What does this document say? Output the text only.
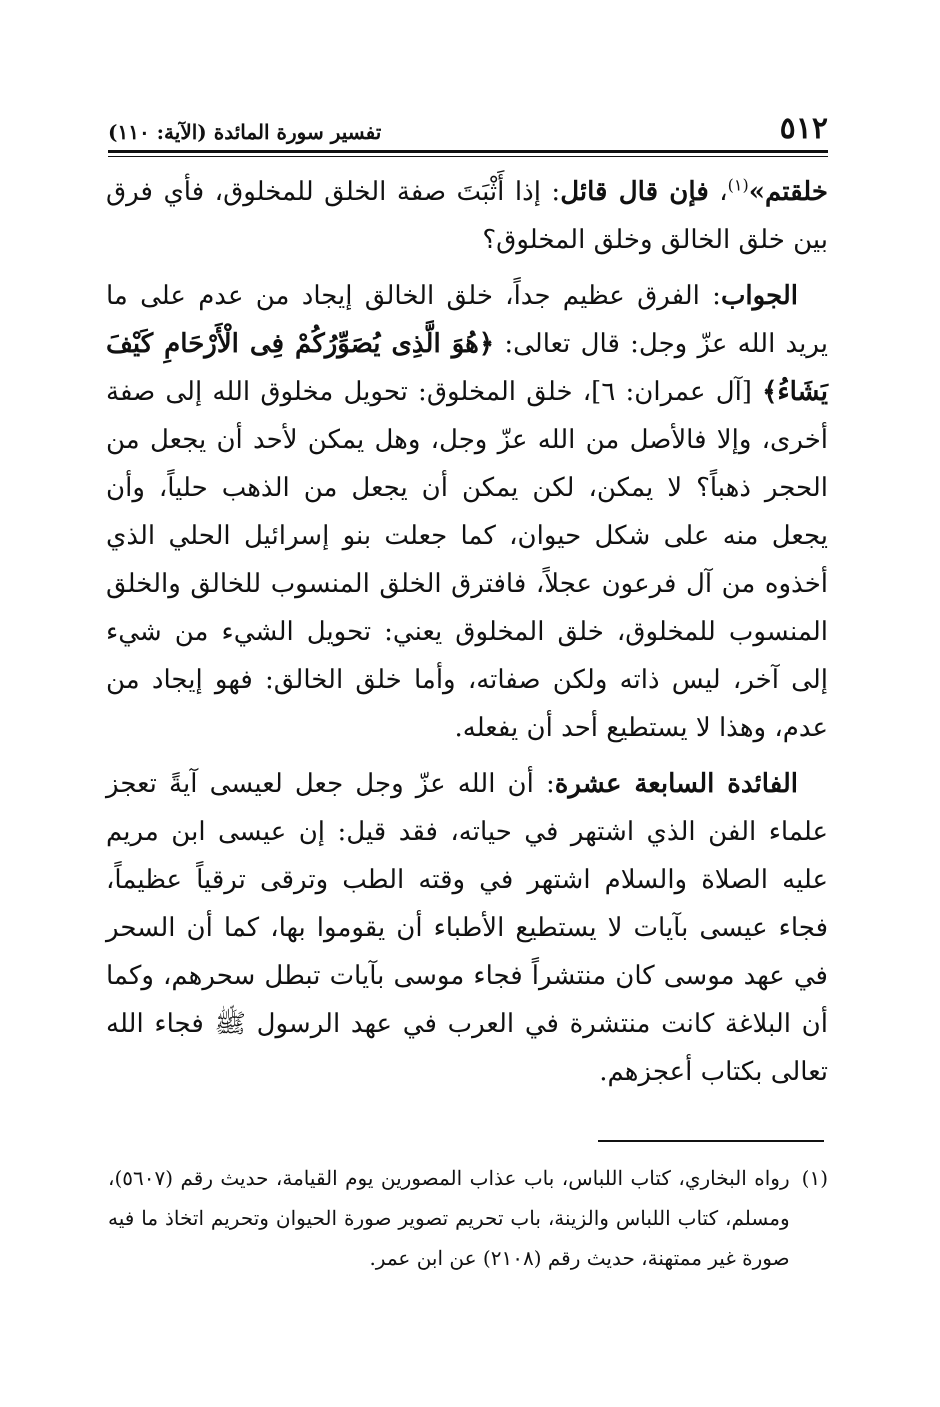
٥١٢
تفسير سورة المائدة (الآية: ١١٠)

خلقتم»$^{(١)}$، فإن قال قائل: إذا أَثْبَتَ صفة الخلق للمخلوق، فأي فرق بين خلق الخالق وخلق المخلوق؟

الجواب: الفرق عظيم جداً، خلق الخالق إيجاد من عدم على ما يريد الله عزّ وجل: قال تعالى: ﴿هُوَ الَّذِى يُصَوِّرُكُمْ فِى الْأَرْحَامِ كَيْفَ يَشَاءُ﴾ [آل عمران: ٦]، خلق المخلوق: تحويل مخلوق الله إلى صفة أخرى، وإلا فالأصل من الله عزّ وجل، وهل يمكن لأحد أن يجعل من الحجر ذهباً؟ لا يمكن، لكن يمكن أن يجعل من الذهب حلياً، وأن يجعل منه على شكل حيوان، كما جعلت بنو إسرائيل الحلي الذي أخذوه من آل فرعون عجلاً، فافترق الخلق المنسوب للخالق والخلق المنسوب للمخلوق، خلق المخلوق يعني: تحويل الشيء من شيء إلى آخر، ليس ذاته ولكن صفاته، وأما خلق الخالق: فهو إيجاد من عدم، وهذا لا يستطيع أحد أن يفعله.

الفائدة السابعة عشرة: أن الله عزّ وجل جعل لعيسى آيةً تعجز علماء الفن الذي اشتهر في حياته، فقد قيل: إن عيسى ابن مريم عليه الصلاة والسلام اشتهر في وقته الطب وترقى ترقياً عظيماً، فجاء عيسى بآيات لا يستطيع الأطباء أن يقوموا بها، كما أن السحر في عهد موسى كان منتشراً فجاء موسى بآيات تبطل سحرهم، وكما أن البلاغة كانت منتشرة في العرب في عهد الرسول ﷺ فجاء الله تعالى بكتاب أعجزهم.

(١)
رواه البخاري، كتاب اللباس، باب عذاب المصورين يوم القيامة، حديث رقم (٥٦٠٧)، ومسلم، كتاب اللباس والزينة، باب تحريم تصوير صورة الحيوان وتحريم اتخاذ ما فيه صورة غير ممتهنة، حديث رقم (٢١٠٨) عن ابن عمر.
